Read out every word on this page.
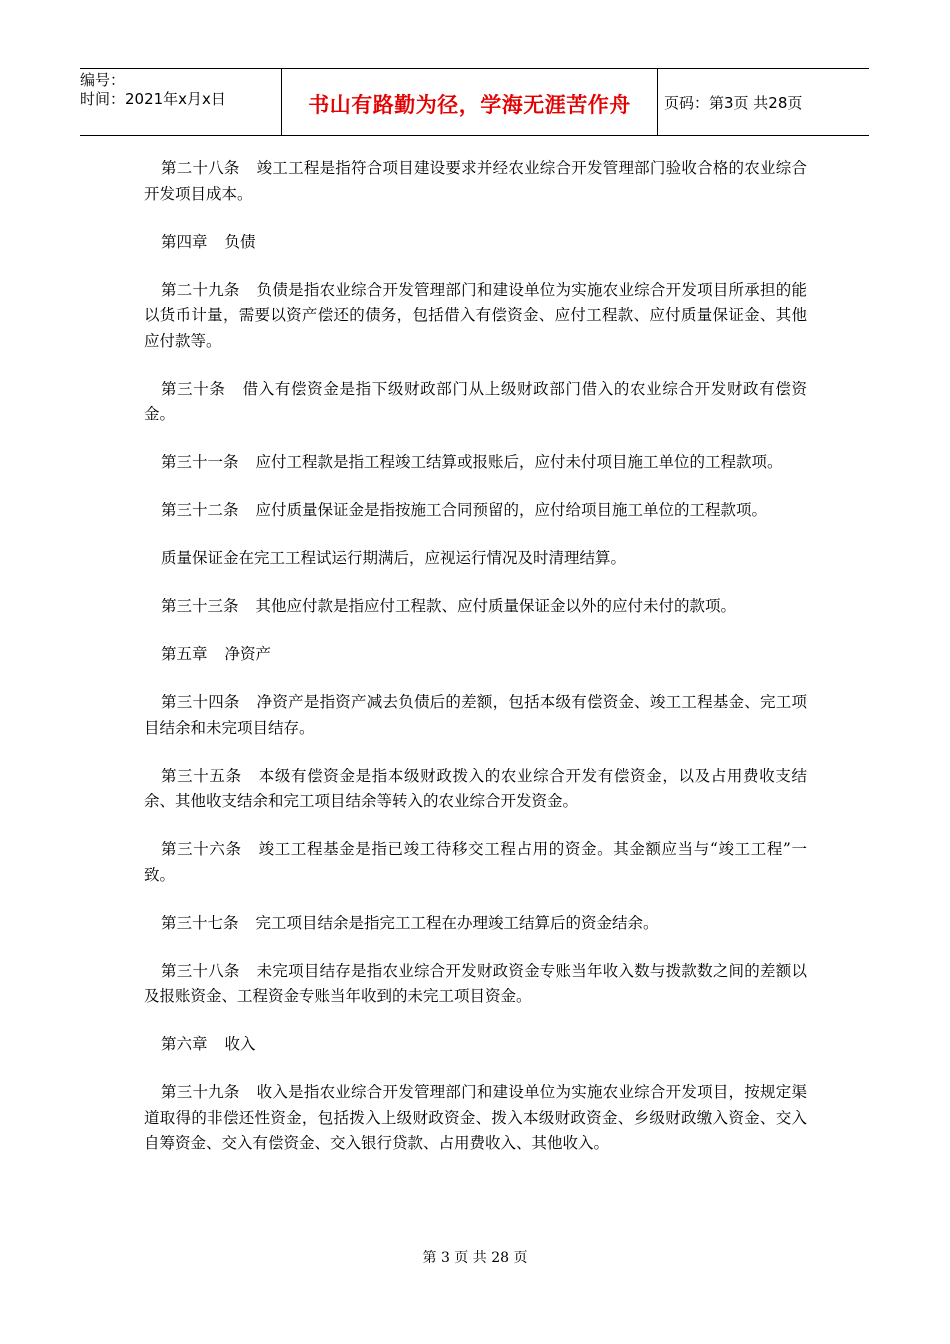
编号：
时间：2021年x月x日	书山有路勤为径，学海无涯苦作舟 页码：第3页 共28页

第二十八条 竣工工程是指符合项目建设要求并经农业综合开发管理部门验收合格的农业综合开发项目成本。

第四章 负债

第二十九条 负债是指农业综合开发管理部门和建设单位为实施农业综合开发项目所承担的能以货币计量，需要以资产偿还的债务，包括借入有偿资金、应付工程款、应付质量保证金、其他应付款等。

第三十条 借入有偿资金是指下级财政部门从上级财政部门借入的农业综合开发财政有偿资金。

第三十一条 应付工程款是指工程竣工结算或报账后，应付未付项目施工单位的工程款项。

第三十二条 应付质量保证金是指按施工合同预留的，应付给项目施工单位的工程款项。

质量保证金在完工工程试运行期满后，应视运行情况及时清理结算。

第三十三条 其他应付款是指应付工程款、应付质量保证金以外的应付未付的款项。

第五章 净资产

第三十四条 净资产是指资产减去负债后的差额，包括本级有偿资金、竣工工程基金、完工项目结余和未完项目结存。

第三十五条 本级有偿资金是指本级财政拨入的农业综合开发有偿资金，以及占用费收支结余、其他收支结余和完工项目结余等转入的农业综合开发资金。

第三十六条 竣工工程基金是指已竣工待移交工程占用的资金。其金额应当与“竣工工程”一致。

第三十七条 完工项目结余是指完工工程在办理竣工结算后的资金结余。

第三十八条 未完项目结存是指农业综合开发财政资金专账当年收入数与拨款数之间的差额以及报账资金、工程资金专账当年收到的未完工项目资金。

第六章 收入

第三十九条 收入是指农业综合开发管理部门和建设单位为实施农业综合开发项目，按规定渠道取得的非偿还性资金，包括拨入上级财政资金、拨入本级财政资金、乡级财政缴入资金、交入自筹资金、交入有偿资金、交入银行贷款、占用费收入、其他收入。

第 3 页 共 28 页
